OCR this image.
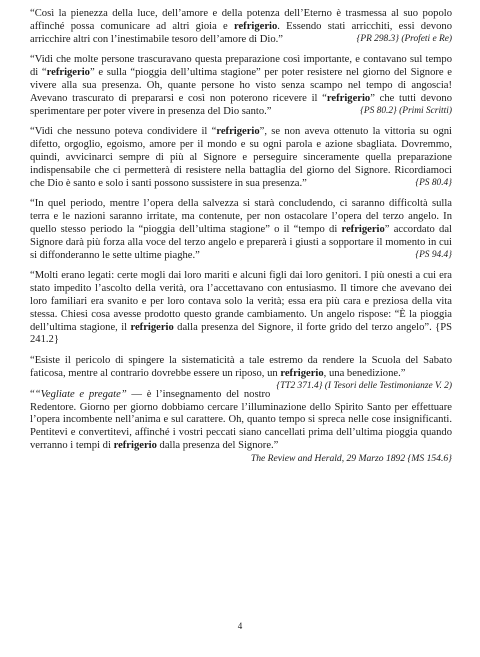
“Così la pienezza della luce, dell’amore e della potenza dell’Eterno è trasmessa al suo popolo affinché possa comunicare ad altri gioia e refrigerio. Essendo stati arricchiti, essi devono arricchire altri con l’inestimabile tesoro dell’amore di Dio.”	{PR 298.3} (Profeti e Re)

“Vidi che molte persone trascuravano questa preparazione così importante, e contavano sul tempo di “refrigerio” e sulla “pioggia dell’ultima stagione” per poter resistere nel giorno del Signore e vivere alla sua presenza. Oh, quante persone ho visto senza scampo nel tempo di angoscia! Avevano trascurato di prepararsi e così non poterono ricevere il “refrigerio” che tutti devono sperimentare per poter vivere in presenza del Dio santo.”	{PS 80.2} (Primi Scritti)

“Vidi che nessuno poteva condividere il “refrigerio”, se non aveva ottenuto la vittoria su ogni difetto, orgoglio, egoismo, amore per il mondo e su ogni parola e azione sbagliata. Dovremmo, quindi, avvicinarci sempre di più al Signore e perseguire sinceramente quella preparazione indispensabile che ci permetterà di resistere nella battaglia del giorno del Signore. Ricordiamoci che Dio è santo e solo i santi possono sussistere in sua presenza.”	{PS 80.4}

“In quel periodo, mentre l’opera della salvezza si starà concludendo, ci saranno difficoltà sulla terra e le nazioni saranno irritate, ma contenute, per non ostacolare l’opera del terzo angelo. In quello stesso periodo la “pioggia dell’ultima stagione” o il “tempo di refrigerio” accordato dal Signore darà più forza alla voce del terzo angelo e preparerà i giusti a sopportare il momento in cui si diffonderanno le sette ultime piaghe.”	{PS 94.4}

“Molti erano legati: certe mogli dai loro mariti e alcuni figli dai loro genitori. I più onesti a cui era stato impedito l’ascolto della verità, ora l’accettavano con entusiasmo. Il timore che avevano dei loro familiari era svanito e per loro contava solo la verità; essa era più cara e preziosa della vita stessa. Chiesi cosa avesse prodotto questo grande cambiamento. Un angelo rispose: “È la pioggia dell’ultima stagione, il refrigerio dalla presenza del Signore, il forte grido del terzo angelo”. {PS 241.2}

“Esiste il pericolo di spingere la sistematicità a tale estremo da rendere la Scuola del Sabato faticosa, mentre al contrario dovrebbe essere un riposo, un refrigerio, una benedizione.”
{TT2 371.4} (I Tesori delle Testimonianze V. 2)

““Vegliate e pregate” — è l’insegnamento del nostro Redentore. Giorno per giorno dobbiamo cercare l’illuminazione dello Spirito Santo per effettuare l’opera incombente nell’anima e sul carattere. Oh, quanto tempo si spreca nelle cose insignificanti. Pentitevi e convertitevi, affinché i vostri peccati siano cancellati prima dell’ultima pioggia quando verranno i tempi di refrigerio dalla presenza del Signore.”

The Review and Herald, 29 Marzo 1892 {MS 154.6}
4
